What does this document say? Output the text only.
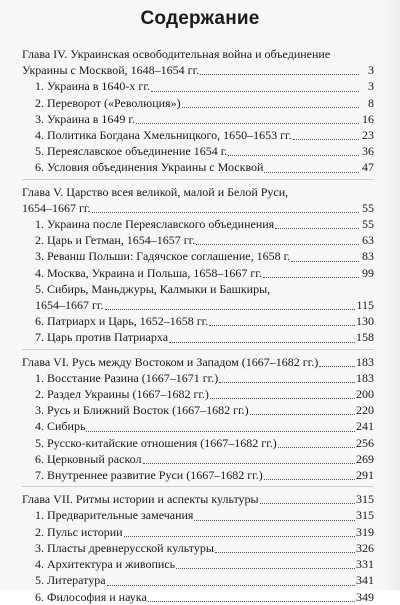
Содержание
Глава IV. Украинская освободительная война и объединение
Украины с Москвой, 1648–1654 гг.	3
1. Украина в 1640-х гг.	3
2. Переворот («Революция»)	8
3. Украина в 1649 г.	16
4. Политика Богдана Хмельницкого, 1650–1653 гг.	23
5. Переяславское объединение 1654 г.	36
6. Условия объединения Украины с Москвой	47
Глава V. Царство всея великой, малой и Белой Руси,
1654–1667 гг.	55
1. Украина после Переяславского объединения	55
2. Царь и Гетман, 1654–1657 гг.	63
3. Реванш Польши: Гадячское соглашение, 1658 г.	83
4. Москва, Украина и Польша, 1658–1667 гг.	99
5. Сибирь, Маньджуры, Калмыки и Башкиры,
1654–1667 гг.	115
6. Патриарх и Царь, 1652–1658 гг.	130
7. Царь против Патриарха	158
Глава VI. Русь между Востоком и Западом (1667–1682 гг.)	183
1. Восстание Разина (1667–1671 гг.)	183
2. Раздел Украины (1667–1682 гг.)	200
3. Русь и Ближний Восток (1667–1682 гг.)	220
4. Сибирь	241
5. Русско-китайские отношения (1667–1682 гг.)	256
6. Церковный раскол	269
7. Внутреннее развитие Руси (1667–1682 гг.)	291
Глава VII. Ритмы истории и аспекты культуры	315
1. Предварительные замечания	315
2. Пульс истории	319
3. Пласты древнерусской культуры	326
4. Архитектура и живопись	331
5. Литература	341
6. Философия и наука	349
